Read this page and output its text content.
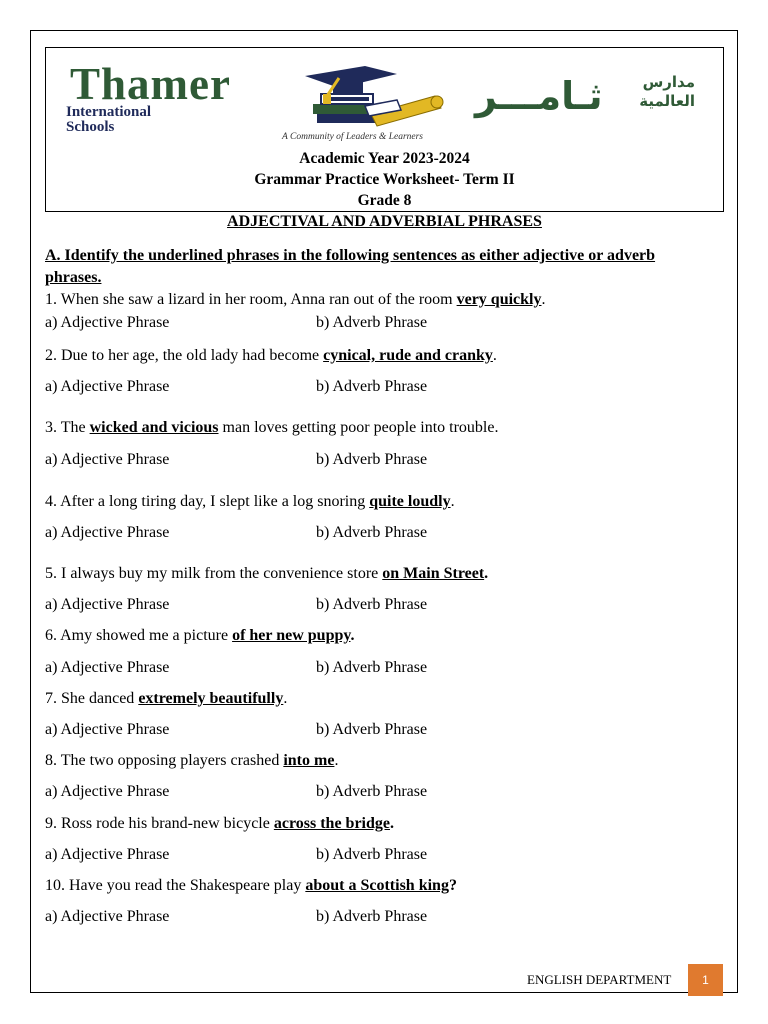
Thamer
International
Schools
ثـامـــر	مدارس
العالمية
A Community of Leaders & Learners
Academic Year 2023-2024
Grammar Practice Worksheet- Term II
Grade 8
ADJECTIVAL AND ADVERBIAL PHRASES
A. Identify the underlined phrases in the following sentences as either adjective or adverb
phrases.
1. When she saw a lizard in her room, Anna ran out of the room very quickly.
a) Adjective Phrase	b) Adverb Phrase
2. Due to her age, the old lady had become cynical, rude and cranky.
a) Adjective Phrase	b) Adverb Phrase
3. The wicked and vicious man loves getting poor people into trouble.
a) Adjective Phrase	b) Adverb Phrase
4. After a long tiring day, I slept like a log snoring quite loudly.
a) Adjective Phrase	b) Adverb Phrase
5. I always buy my milk from the convenience store on Main Street.
a) Adjective Phrase	b) Adverb Phrase
6. Amy showed me a picture of her new puppy.
a) Adjective Phrase	b) Adverb Phrase
7. She danced extremely beautifully.
a) Adjective Phrase	b) Adverb Phrase
8. The two opposing players crashed into me.
a) Adjective Phrase	b) Adverb Phrase
9. Ross rode his brand-new bicycle across the bridge.
a) Adjective Phrase	b) Adverb Phrase
10. Have you read the Shakespeare play about a Scottish king?
a) Adjective Phrase	b) Adverb Phrase
ENGLISH DEPARTMENT	1
